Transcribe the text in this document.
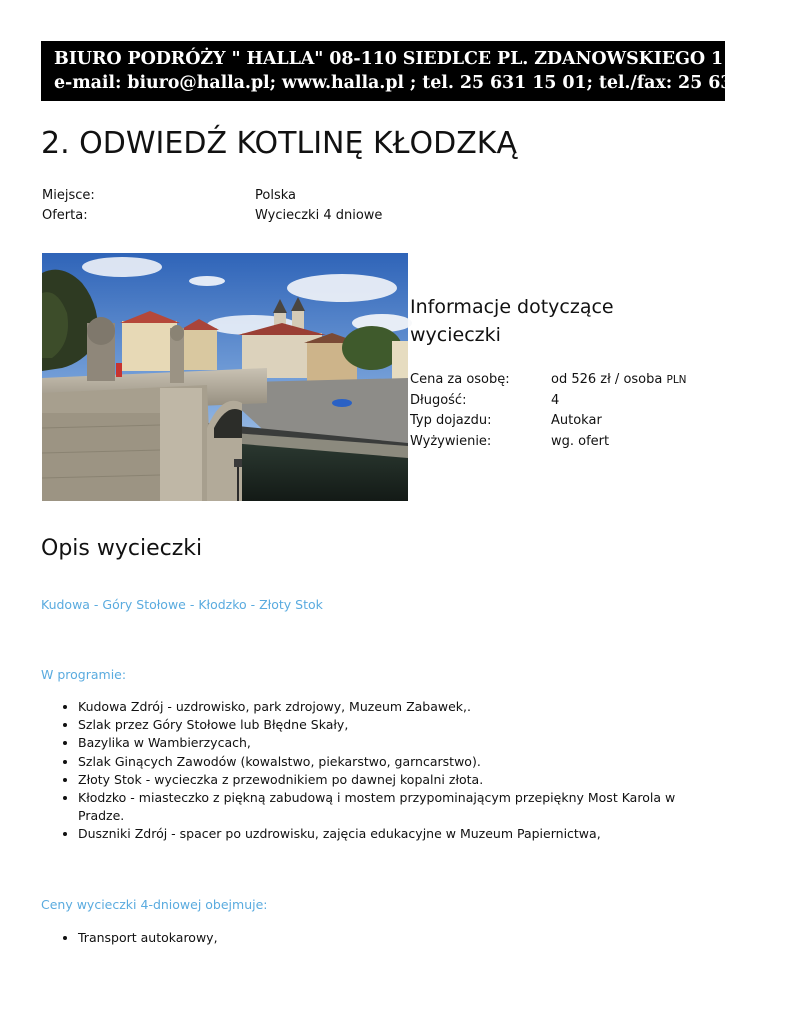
BIURO PODRÓŻY " HALLA" 08-110 SIEDLCE PL. ZDANOWSKIEGO 1
e-mail: biuro@halla.pl; www.halla.pl ; tel. 25 631 15 01; tel./fax: 25 633 02 44
2. ODWIEDŹ KOTLINĘ KŁODZKĄ
Miejsce:	Polska
Oferta:	Wycieczki 4 dniowe
Informacje dotyczące wycieczki
Cena za osobę:	od 526 zł / osoba PLN
Długość:	4
Typ dojazdu:	Autokar
Wyżywienie:	wg. ofert
Opis wycieczki
Kudowa - Góry Stołowe - Kłodzko - Złoty Stok
W programie:
• Kudowa Zdrój - uzdrowisko, park zdrojowy, Muzeum Zabawek,.
• Szlak przez Góry Stołowe lub Błędne Skały,
• Bazylika w Wambierzycach,
• Szlak Ginących Zawodów (kowalstwo, piekarstwo, garncarstwo).
• Złoty Stok - wycieczka z przewodnikiem po dawnej kopalni złota.
• Kłodzko - miasteczko z piękną zabudową i mostem przypominającym przepiękny Most Karola w Pradze.
• Duszniki Zdrój - spacer po uzdrowisku, zajęcia edukacyjne w Muzeum Papiernictwa,
Ceny wycieczki 4-dniowej obejmuje:
• Transport autokarowy,
